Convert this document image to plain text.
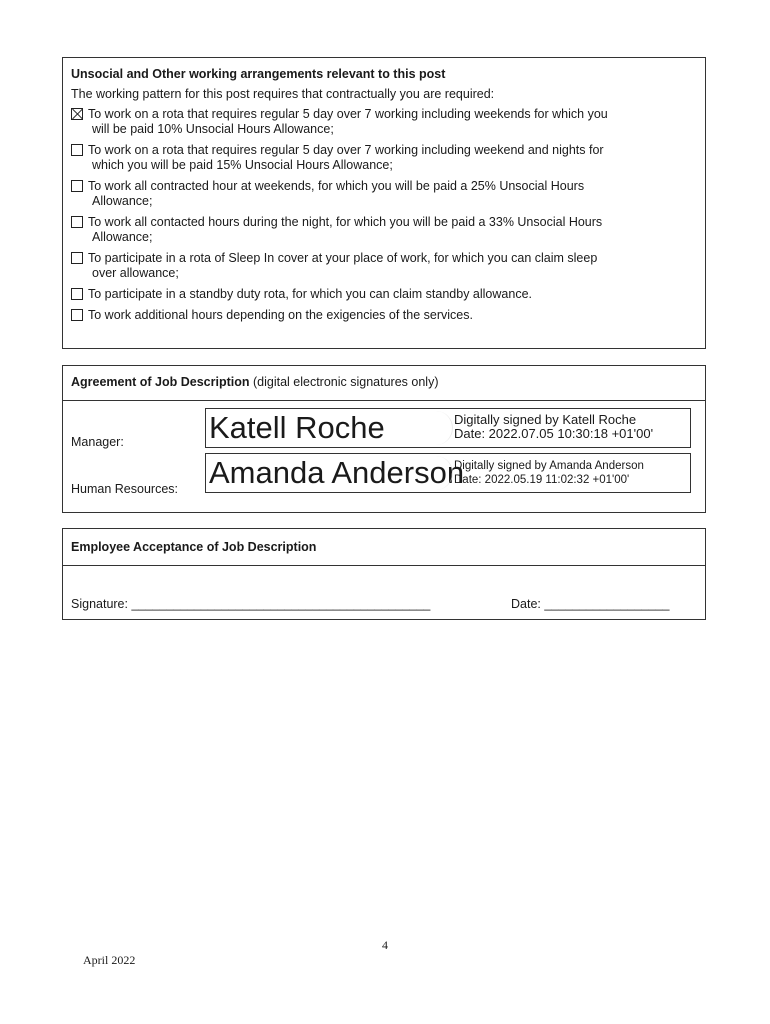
Unsocial and Other working arrangements relevant to this post
The working pattern for this post requires that contractually you are required:
To work on a rota that requires regular 5 day over 7 working including weekends for which you
will be paid 10% Unsocial Hours Allowance;
To work on a rota that requires regular 5 day over 7 working including weekend and nights for
which you will be paid 15% Unsocial Hours Allowance;
To work all contracted hour at weekends, for which you will be paid a 25% Unsocial Hours
Allowance;
To work all contacted hours during the night, for which you will be paid a 33% Unsocial Hours
Allowance;
To participate in a rota of Sleep In cover at your place of work, for which you can claim sleep
over allowance;
To participate in a standby duty rota, for which you can claim standby allowance.
To work additional hours depending on the exigencies of the services.
Agreement of Job Description (digital electronic signatures only)
Manager:
Human Resources:
Katell Roche	Digitally signed by Katell Roche
Date: 2022.07.05 10:30:18 +01'00'
Amanda Anderson
Digitally signed by Amanda Anderson
Date: 2022.05.19 11:02:32 +01'00'
Employee Acceptance of Job Description
Signature: ___________________________________________	Date: __________________
4
April 2022
